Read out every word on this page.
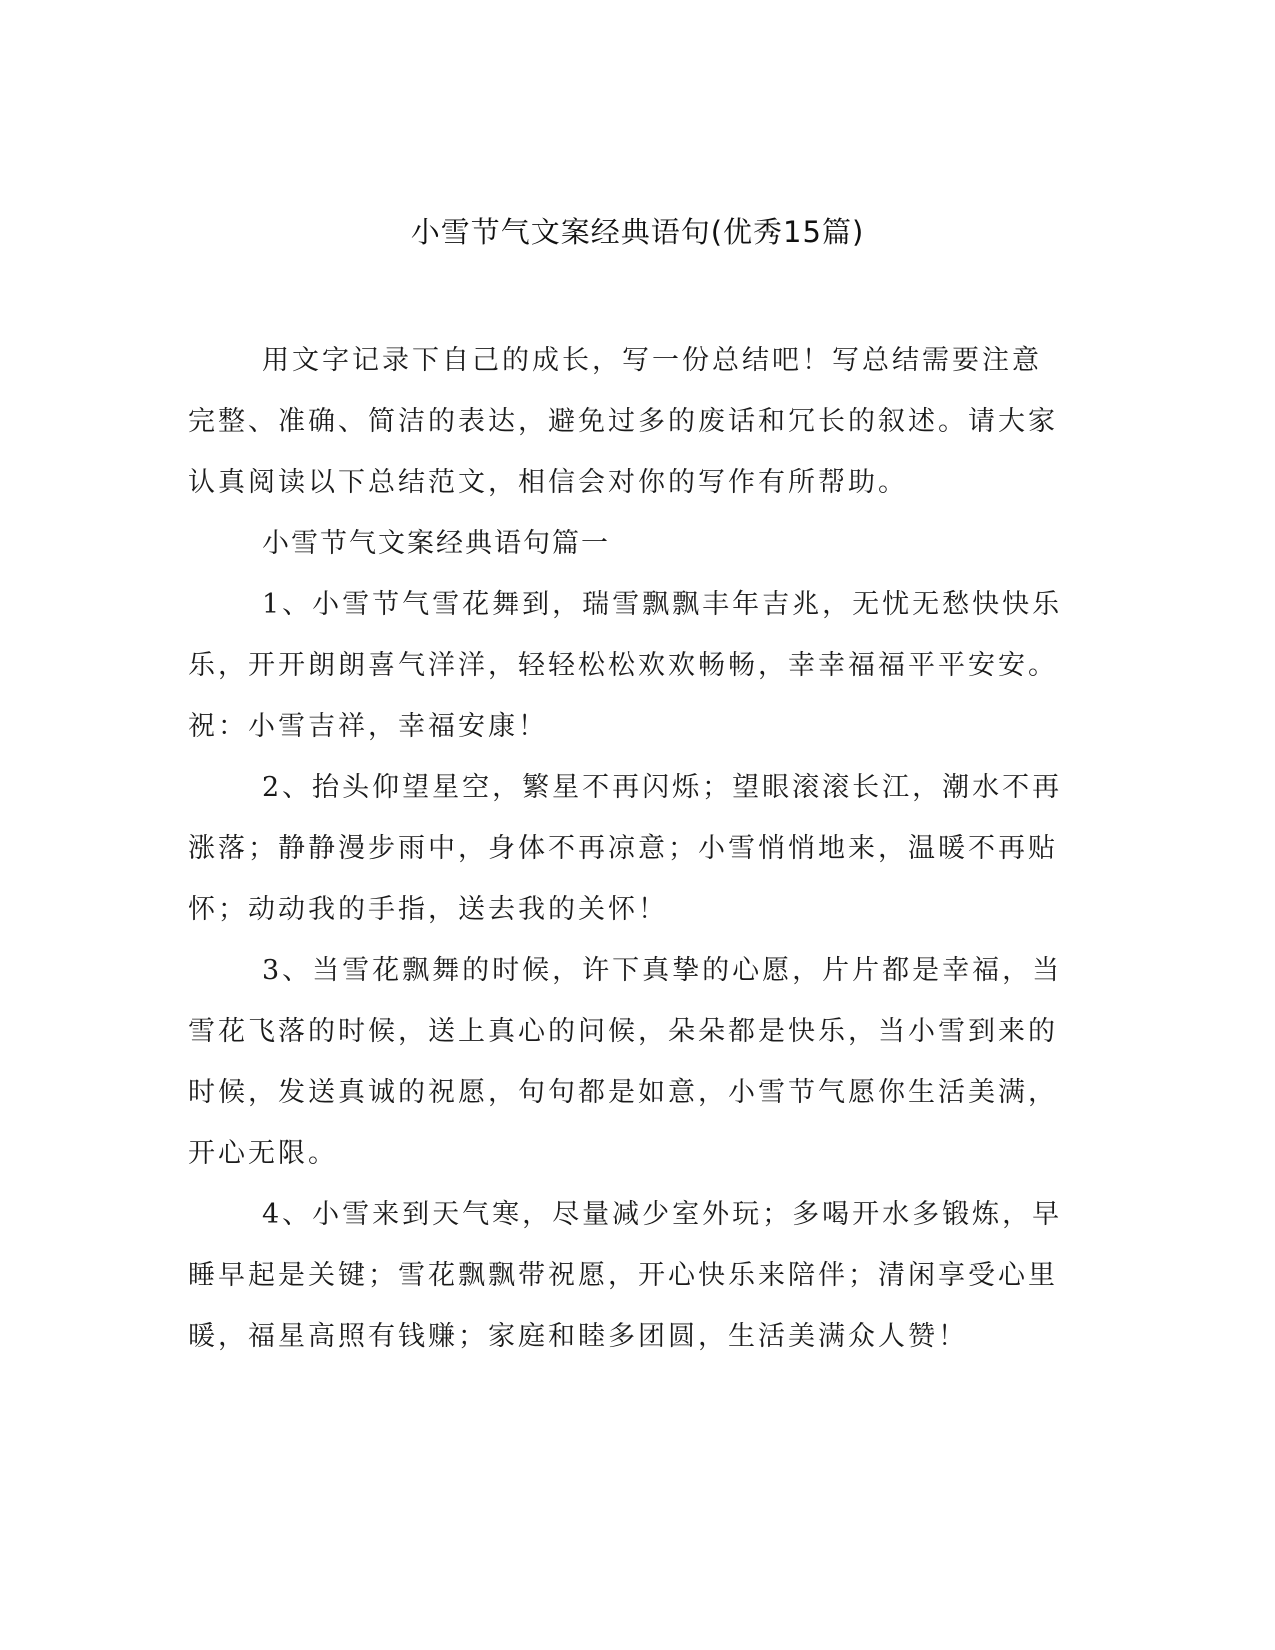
小雪节气文案经典语句(优秀15篇)

用文字记录下自己的成长，写一份总结吧！写总结需要注意完整、准确、简洁的表达，避免过多的废话和冗长的叙述。请大家认真阅读以下总结范文，相信会对你的写作有所帮助。

小雪节气文案经典语句篇一

1、小雪节气雪花舞到，瑞雪飘飘丰年吉兆，无忧无愁快快乐乐，开开朗朗喜气洋洋，轻轻松松欢欢畅畅，幸幸福福平平安安。祝：小雪吉祥，幸福安康！

2、抬头仰望星空，繁星不再闪烁；望眼滚滚长江，潮水不再涨落；静静漫步雨中，身体不再凉意；小雪悄悄地来，温暖不再贴怀；动动我的手指，送去我的关怀！

3、当雪花飘舞的时候，许下真挚的心愿，片片都是幸福，当雪花飞落的时候，送上真心的问候，朵朵都是快乐，当小雪到来的时候，发送真诚的祝愿，句句都是如意，小雪节气愿你生活美满，开心无限。

4、小雪来到天气寒，尽量减少室外玩；多喝开水多锻炼，早睡早起是关键；雪花飘飘带祝愿，开心快乐来陪伴；清闲享受心里暖，福星高照有钱赚；家庭和睦多团圆，生活美满众人赞！
